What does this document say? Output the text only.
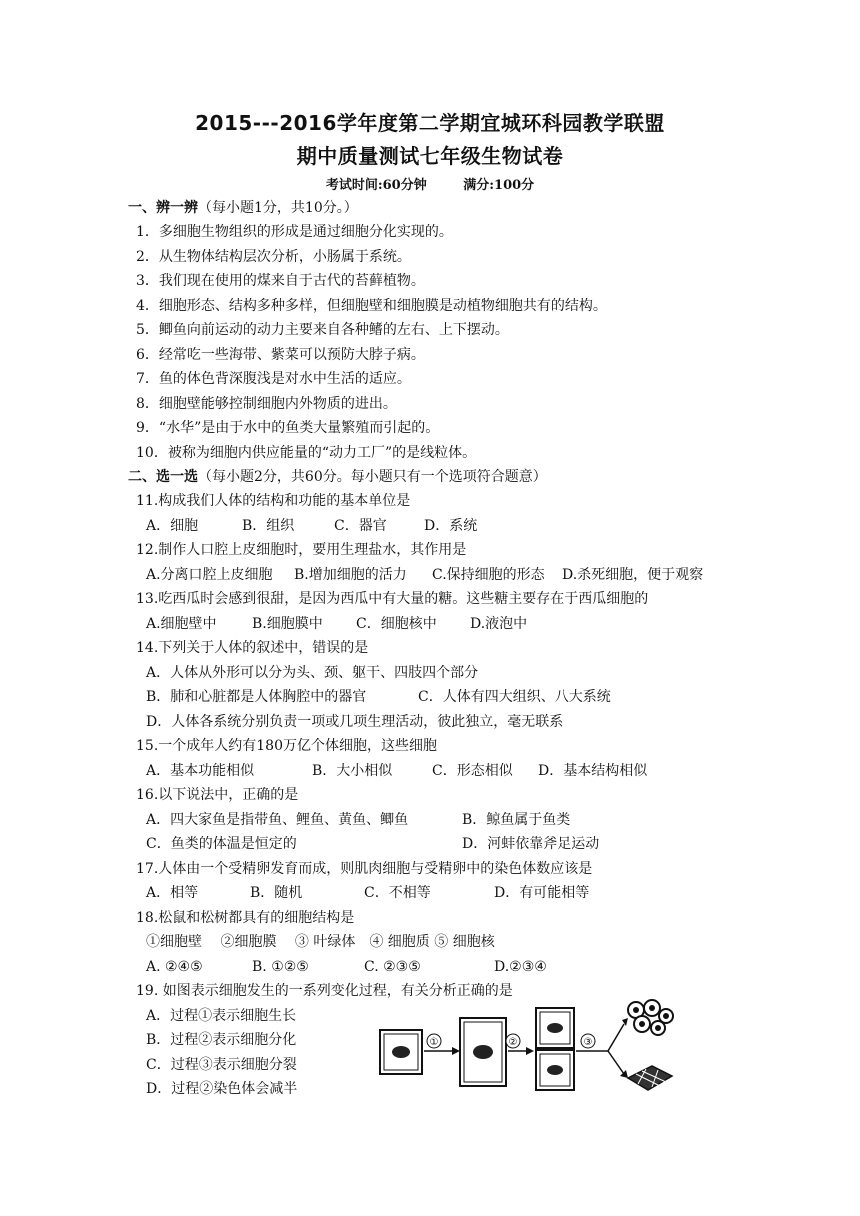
2015---2016学年度第二学期宜城环科园教学联盟
期中质量测试七年级生物试卷
考试时间:60分钟	满分:100分
一、辨一辨（每小题1分，共10分。）
1．多细胞生物组织的形成是通过细胞分化实现的。
2．从生物体结构层次分析，小肠属于系统。
3．我们现在使用的煤来自于古代的苔藓植物。
4．细胞形态、结构多种多样，但细胞壁和细胞膜是动植物细胞共有的结构。
5．鲫鱼向前运动的动力主要来自各种鳍的左右、上下摆动。
6．经常吃一些海带、紫菜可以预防大脖子病。
7．鱼的体色背深腹浅是对水中生活的适应。
8．细胞壁能够控制细胞内外物质的进出。
9．“水华”是由于水中的鱼类大量繁殖而引起的。
10．被称为细胞内供应能量的“动力工厂”的是线粒体。
二、选一选（每小题2分，共60分。每小题只有一个选项符合题意）
11.构成我们人体的结构和功能的基本单位是
A．细胞	B．组织	C．器官	D．系统
12.制作人口腔上皮细胞时，要用生理盐水，其作用是
A.分离口腔上皮细胞 B.增加细胞的活力 C.保持细胞的形态 D.杀死细胞，便于观察
13.吃西瓜时会感到很甜，是因为西瓜中有大量的糖。这些糖主要存在于西瓜细胞的
A.细胞壁中	B.细胞膜中 C．细胞核中 D.液泡中
14.下列关于人体的叙述中，错误的是
A．人体从外形可以分为头、颈、躯干、四肢四个部分
B．肺和心脏都是人体胸腔中的器官	C．人体有四大组织、八大系统
D．人体各系统分别负责一项或几项生理活动，彼此独立，毫无联系
15.一个成年人约有180万亿个体细胞，这些细胞
A．基本功能相似	B．大小相似	C．形态相似 D．基本结构相似
16.以下说法中，正确的是
A．四大家鱼是指带鱼、鲤鱼、黄鱼、鲫鱼	B．鲸鱼属于鱼类
C．鱼类的体温是恒定的	D．河蚌依靠斧足运动
17.人体由一个受精卵发育而成，则肌肉细胞与受精卵中的染色体数应该是
A．相等	B．随机	C．不相等	D．有可能相等
18.松鼠和松树都具有的细胞结构是
①细胞壁　 ②细胞膜　 ③ 叶绿体　④ 细胞质 ⑤ 细胞核
A. ②④⑤	B. ①②⑤	C. ②③⑤	D.②③④
19. 如图表示细胞发生的一系列变化过程，有关分析正确的是
A．过程①表示细胞生长
B．过程②表示细胞分化
C．过程③表示细胞分裂
D．过程②染色体会减半
①	②	③
